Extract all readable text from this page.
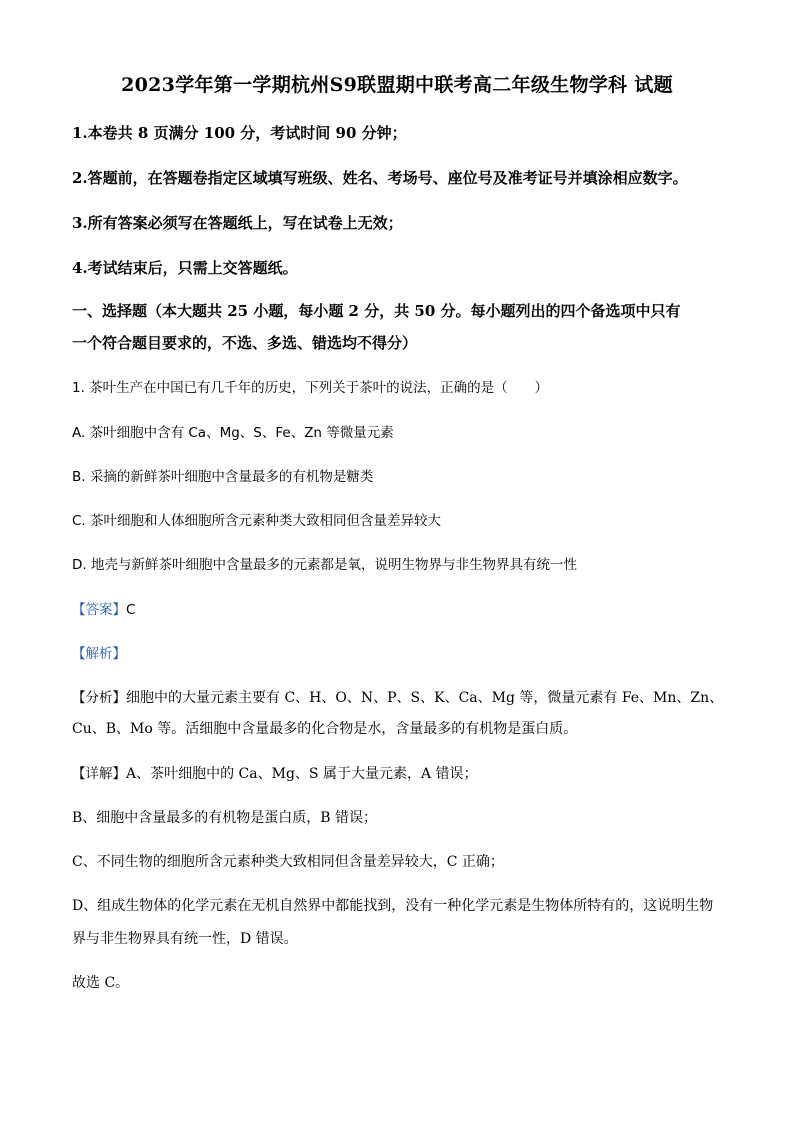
2023学年第一学期杭州S9联盟期中联考高二年级生物学科 试题
1.本卷共 8 页满分 100 分，考试时间 90 分钟；
2.答题前，在答题卷指定区域填写班级、姓名、考场号、座位号及准考证号并填涂相应数字。
3.所有答案必须写在答题纸上，写在试卷上无效；
4.考试结束后，只需上交答题纸。
一、选择题（本大题共 25 小题，每小题 2 分，共 50 分。每小题列出的四个备选项中只有
一个符合题目要求的，不选、多选、错选均不得分）
1. 茶叶生产在中国已有几千年的历史，下列关于茶叶的说法，正确的是（　　）
A. 茶叶细胞中含有 Ca、Mg、S、Fe、Zn 等微量元素
B. 采摘的新鲜茶叶细胞中含量最多的有机物是糖类
C. 茶叶细胞和人体细胞所含元素种类大致相同但含量差异较大
D. 地壳与新鲜茶叶细胞中含量最多的元素都是氧，说明生物界与非生物界具有统一性
【答案】C
【解析】
【分析】细胞中的大量元素主要有 C、H、O、N、P、S、K、Ca、Mg 等，微量元素有 Fe、Mn、Zn、
Cu、B、Mo 等。活细胞中含量最多的化合物是水，含量最多的有机物是蛋白质。
【详解】A、茶叶细胞中的 Ca、Mg、S 属于大量元素，A 错误；
B、细胞中含量最多的有机物是蛋白质，B 错误；
C、不同生物的细胞所含元素种类大致相同但含量差异较大，C 正确；
D、组成生物体的化学元素在无机自然界中都能找到，没有一种化学元素是生物体所特有的，这说明生物
界与非生物界具有统一性，D 错误。
故选 C。
